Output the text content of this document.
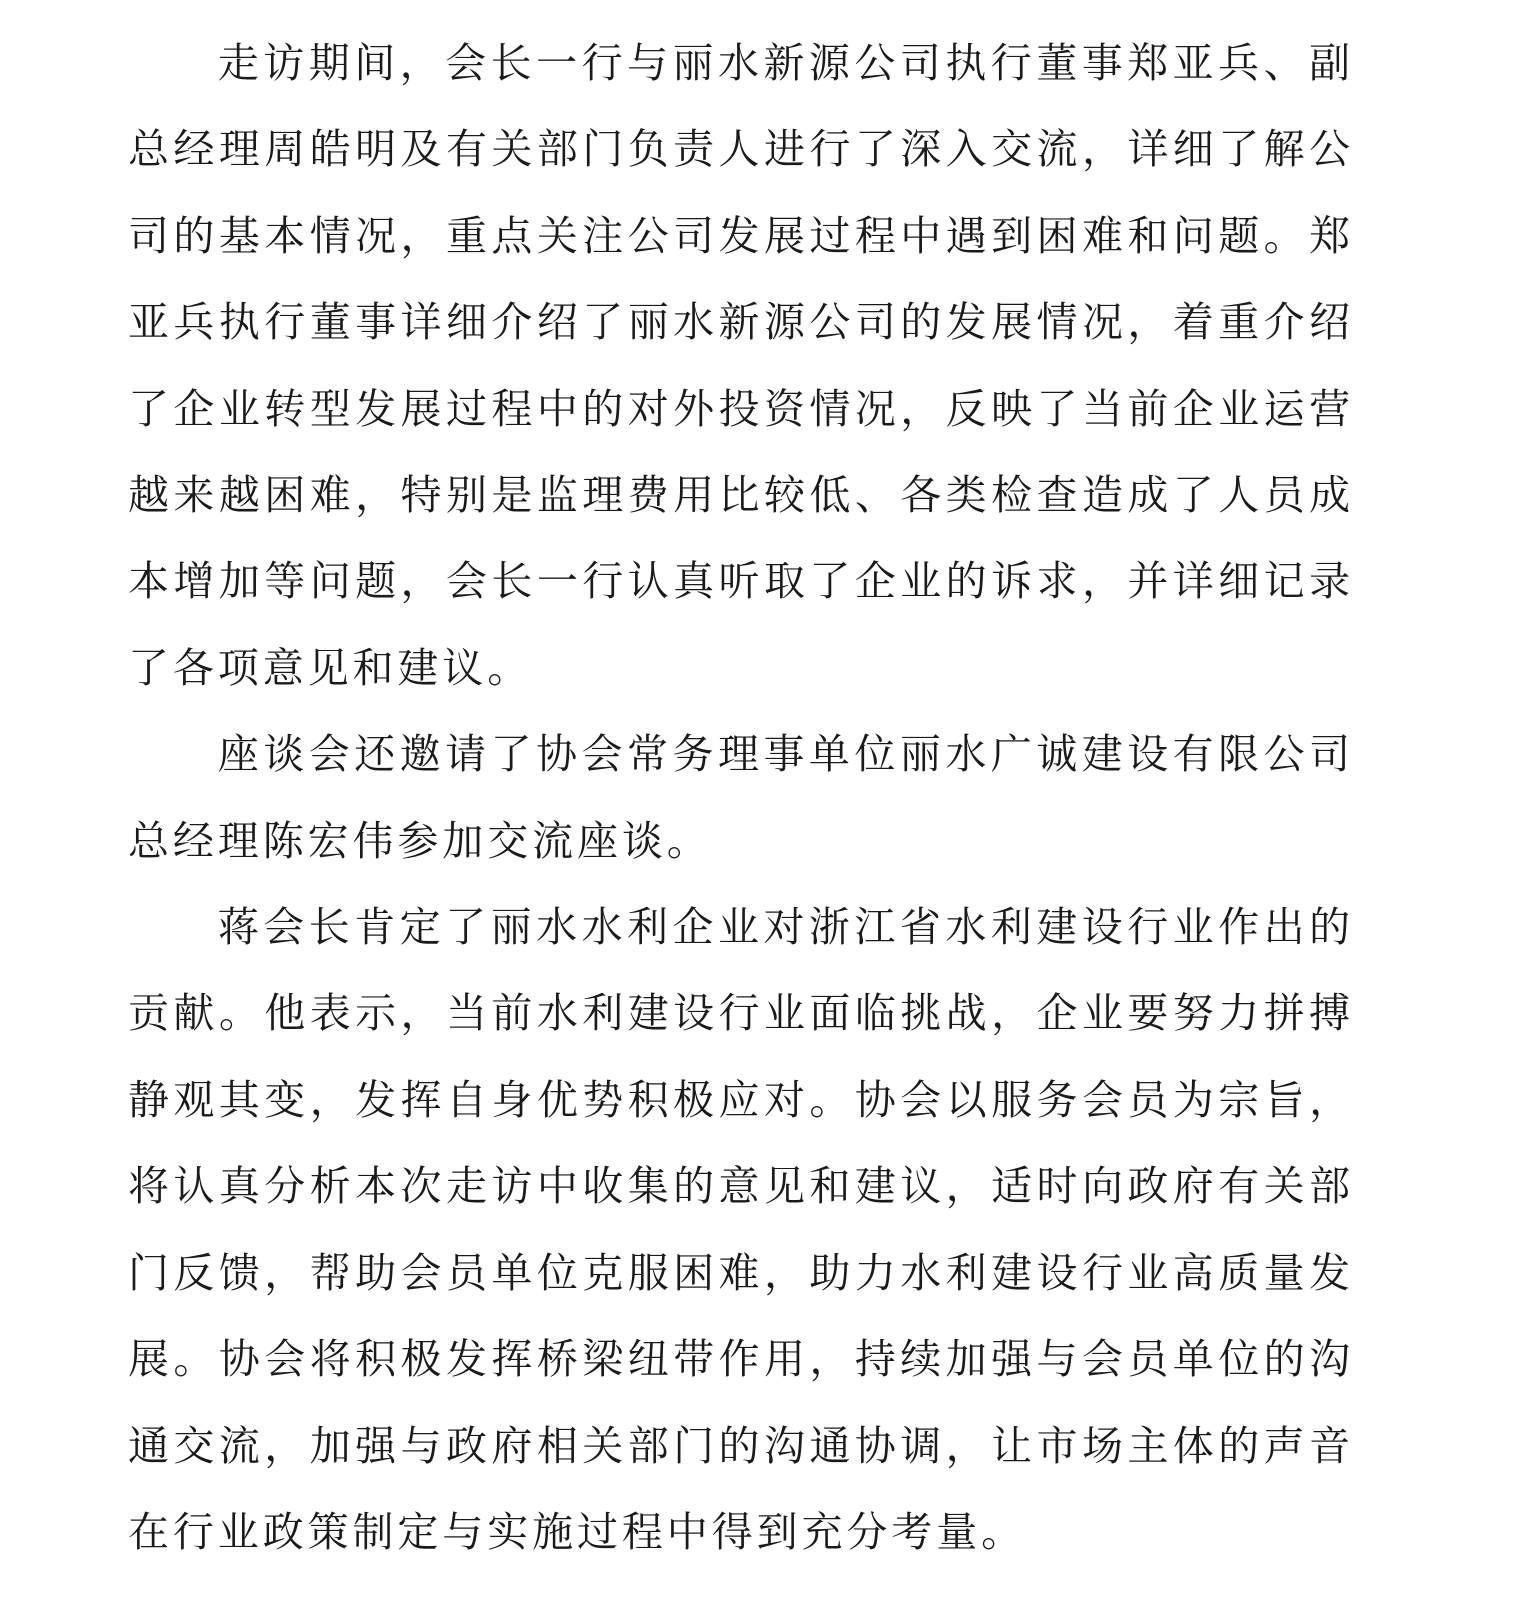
走访期间，会长一行与丽水新源公司执行董事郑亚兵、副总经理周皓明及有关部门负责人进行了深入交流，详细了解公司的基本情况，重点关注公司发展过程中遇到困难和问题。郑亚兵执行董事详细介绍了丽水新源公司的发展情况，着重介绍了企业转型发展过程中的对外投资情况，反映了当前企业运营越来越困难，特别是监理费用比较低、各类检查造成了人员成本增加等问题，会长一行认真听取了企业的诉求，并详细记录了各项意见和建议。

座谈会还邀请了协会常务理事单位丽水广诚建设有限公司总经理陈宏伟参加交流座谈。

蒋会长肯定了丽水水利企业对浙江省水利建设行业作出的贡献。他表示，当前水利建设行业面临挑战，企业要努力拼搏静观其变，发挥自身优势积极应对。协会以服务会员为宗旨，将认真分析本次走访中收集的意见和建议，适时向政府有关部门反馈，帮助会员单位克服困难，助力水利建设行业高质量发展。协会将积极发挥桥梁纽带作用，持续加强与会员单位的沟通交流，加强与政府相关部门的沟通协调，让市场主体的声音在行业政策制定与实施过程中得到充分考量。
